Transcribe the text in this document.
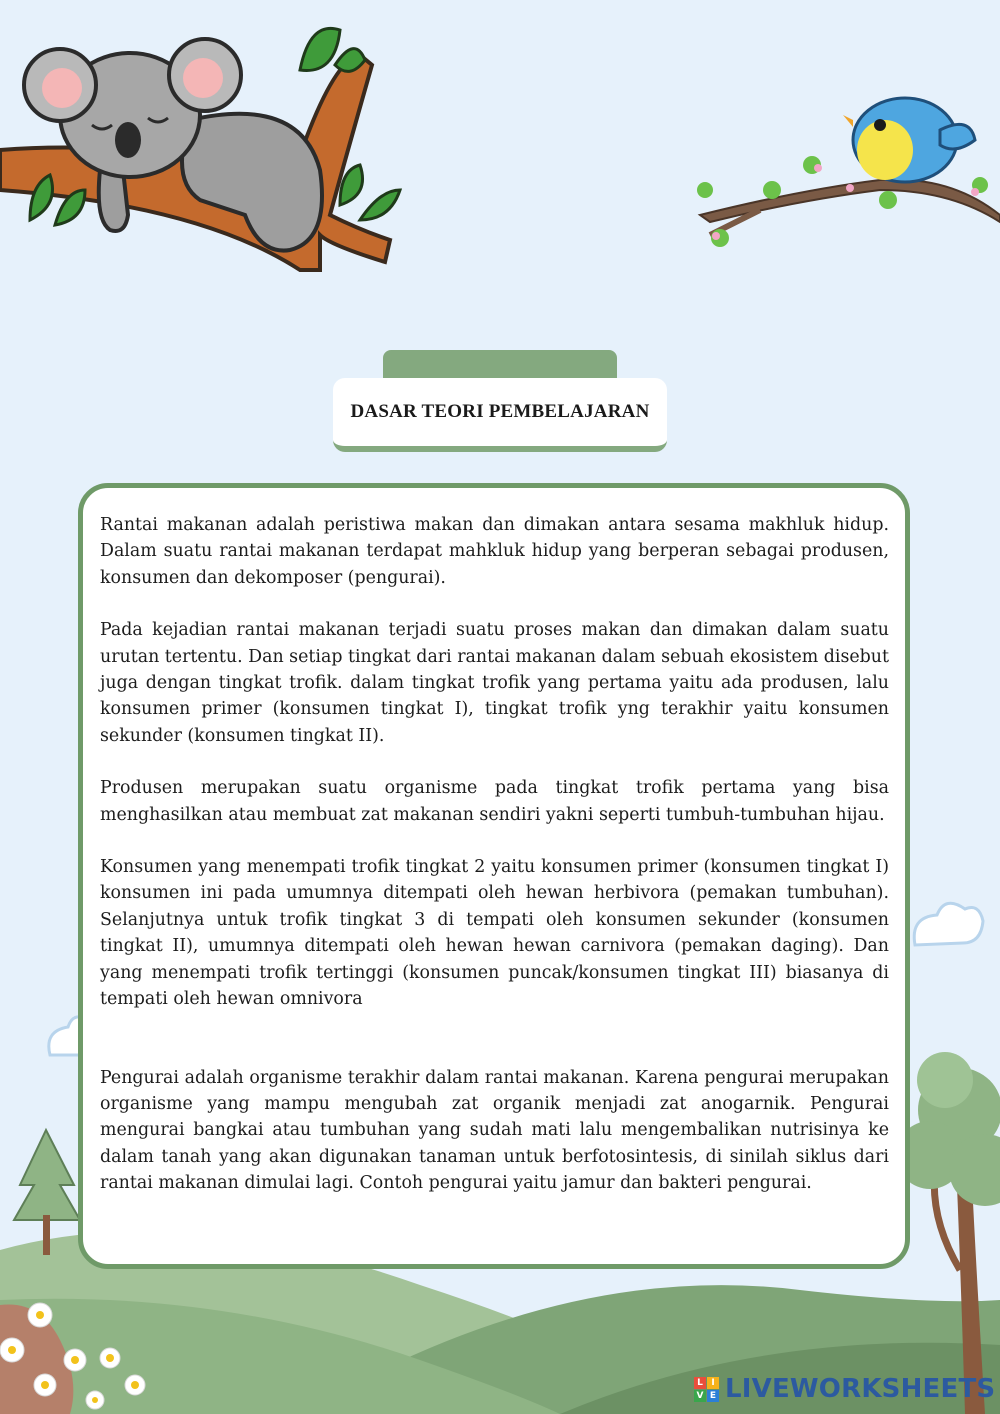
DASAR TEORI PEMBELAJARAN

Rantai makanan adalah peristiwa makan dan dimakan antara sesama makhluk hidup. Dalam suatu rantai makanan terdapat mahkluk hidup yang berperan sebagai produsen, konsumen dan dekomposer (pengurai).

Pada kejadian rantai makanan terjadi suatu proses makan dan dimakan dalam suatu urutan tertentu. Dan setiap tingkat dari rantai makanan dalam sebuah ekosistem disebut juga dengan tingkat trofik. dalam tingkat trofik yang pertama yaitu ada produsen, lalu konsumen primer (konsumen tingkat I), tingkat trofik yng terakhir yaitu konsumen sekunder (konsumen tingkat II).

Produsen merupakan suatu organisme pada tingkat trofik pertama yang bisa menghasilkan atau membuat zat makanan sendiri yakni seperti tumbuh-tumbuhan hijau.

Konsumen yang menempati trofik tingkat 2 yaitu konsumen primer (konsumen tingkat I) konsumen ini pada umumnya ditempati oleh hewan herbivora (pemakan tumbuhan). Selanjutnya untuk trofik tingkat 3 di tempati oleh konsumen sekunder (konsumen tingkat II), umumnya ditempati oleh hewan hewan carnivora (pemakan daging). Dan yang menempati trofik tertinggi (konsumen puncak/konsumen tingkat III) biasanya di tempati oleh hewan omnivora

Pengurai adalah organisme terakhir dalam rantai makanan. Karena pengurai merupakan organisme yang mampu mengubah zat organik menjadi zat anogarnik. Pengurai mengurai bangkai atau tumbuhan yang sudah mati lalu mengembalikan nutrisinya ke dalam tanah yang akan digunakan tanaman untuk berfotosintesis, di sinilah siklus dari rantai makanan dimulai lagi. Contoh pengurai yaitu jamur dan bakteri pengurai.

L I
V E LIVEWORKSHEETS
